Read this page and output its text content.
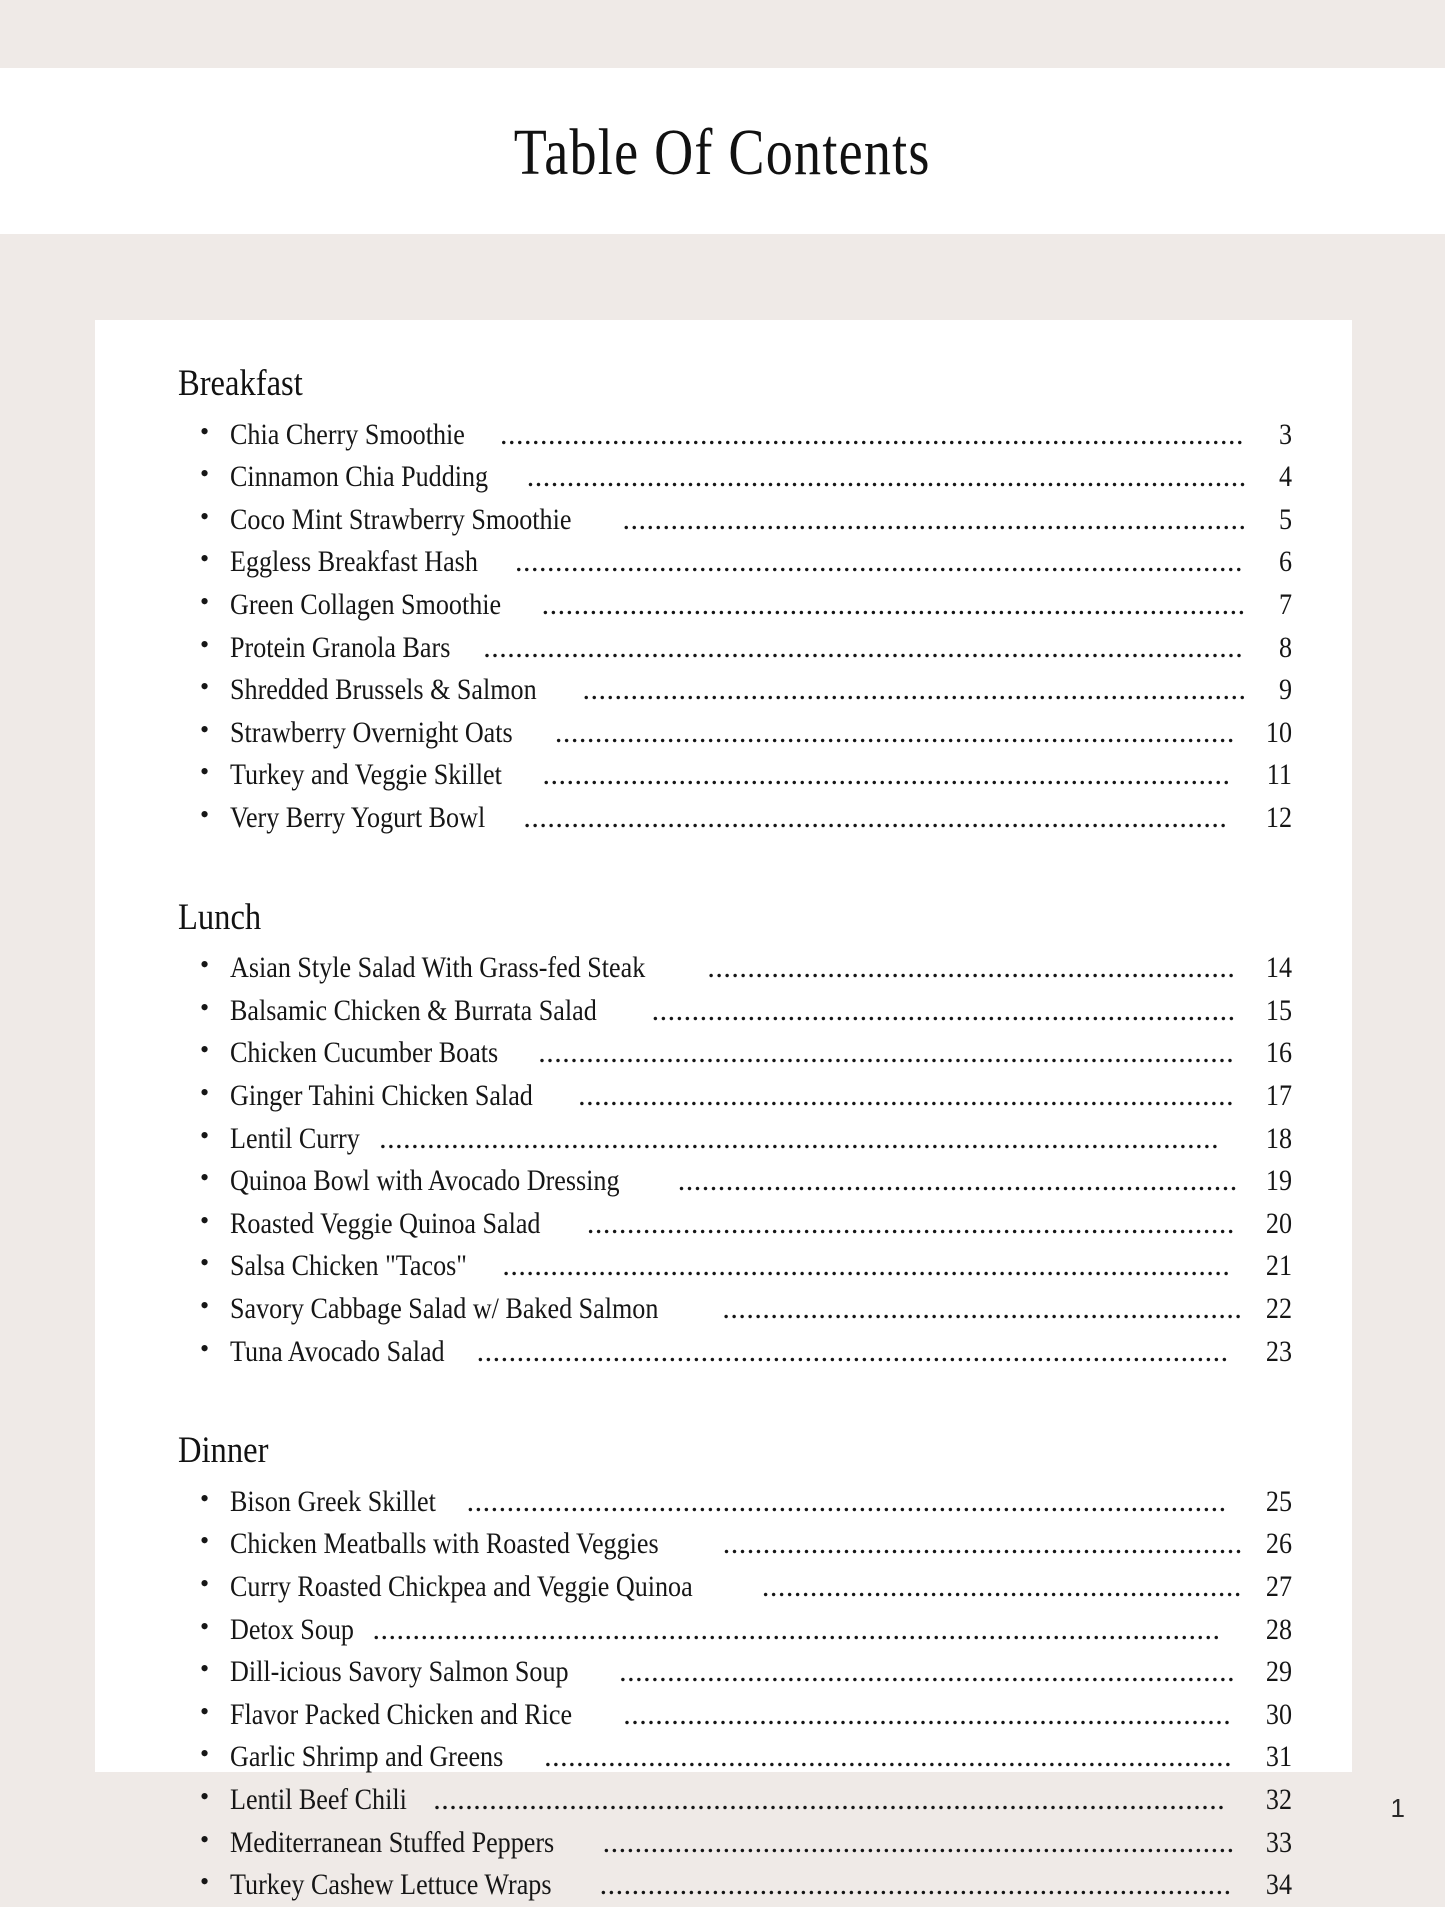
Table Of Contents
Breakfast
• Chia Cherry Smoothie .............................................................................................	3
• Cinnamon Chia Pudding ..........................................................................................	4
• Coco Mint Strawberry Smoothie ..............................................................................	5
• Eggless Breakfast Hash ...........................................................................................	6
• Green Collagen Smoothie ........................................................................................	7
• Protein Granola Bars ...............................................................................................	8
• Shredded Brussels & Salmon ...................................................................................	9
• Strawberry Overnight Oats .....................................................................................	10
• Turkey and Veggie Skillet ......................................................................................	11
• Very Berry Yogurt Bowl ........................................................................................	12
Lunch
• Asian Style Salad With Grass-fed Steak ..................................................................	14
• Balsamic Chicken & Burrata Salad .........................................................................	15
• Chicken Cucumber Boats .......................................................................................	16
• Ginger Tahini Chicken Salad ..................................................................................	17
• Lentil Curry .........................................................................................................	18
• Quinoa Bowl with Avocado Dressing ...................................................................... 19
• Roasted Veggie Quinoa Salad .................................................................................	20
• Salsa Chicken "Tacos" ...........................................................................................	21
• Savory Cabbage Salad w/ Baked Salmon ................................................................. 22
• Tuna Avocado Salad ..............................................................................................	23
Dinner
• Bison Greek Skillet ...............................................................................................	25
• Chicken Meatballs with Roasted Veggies ................................................................. 26
• Curry Roasted Chickpea and Veggie Quinoa ............................................................ 27
• Detox Soup ..........................................................................................................	28
• Dill-icious Savory Salmon Soup .............................................................................	29
• Flavor Packed Chicken and Rice ............................................................................	30
• Garlic Shrimp and Greens ......................................................................................	31
• Lentil Beef Chili ...................................................................................................	32
• Mediterranean Stuffed Peppers ...............................................................................	33
• Turkey Cashew Lettuce Wraps ...............................................................................	34
1
